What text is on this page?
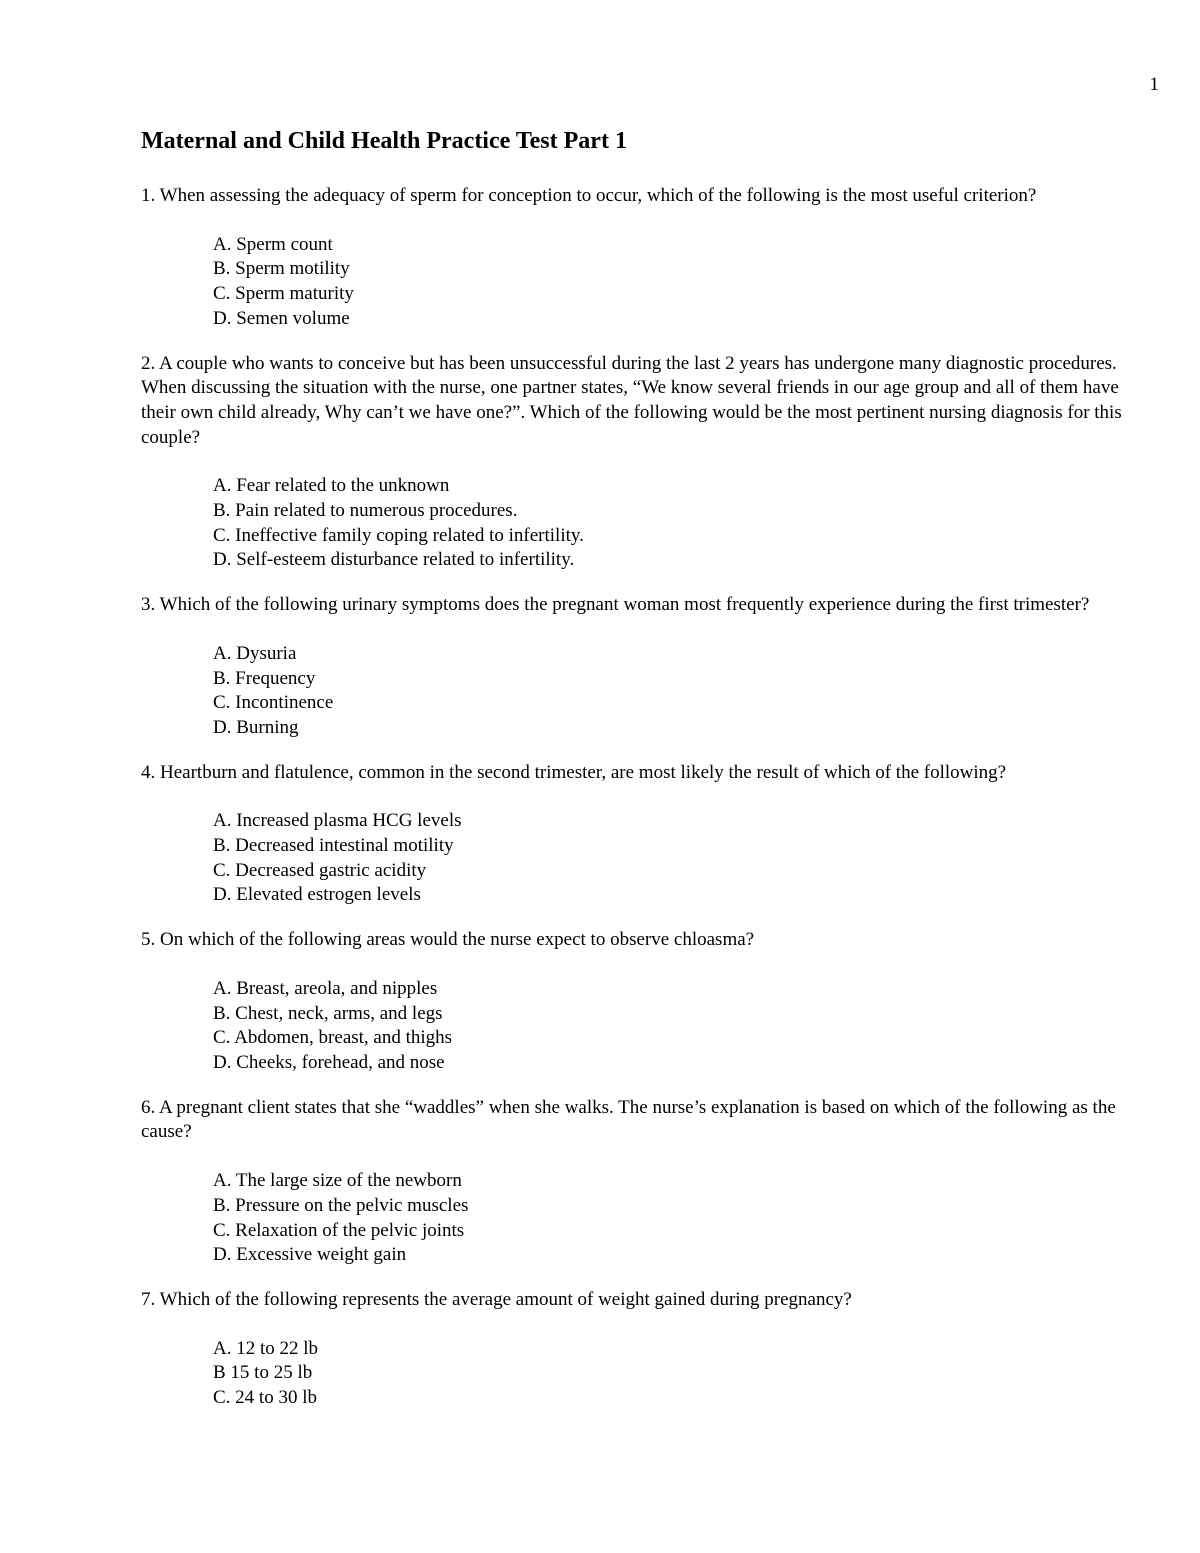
1
Maternal and Child Health Practice Test Part 1

1. When assessing the adequacy of sperm for conception to occur, which of the following is the most useful criterion?

A. Sperm count
B. Sperm motility
C. Sperm maturity
D. Semen volume

2. A couple who wants to conceive but has been unsuccessful during the last 2 years has undergone many diagnostic procedures. When discussing the situation with the nurse, one partner states, “We know several friends in our age group and all of them have their own child already, Why can’t we have one?”. Which of the following would be the most pertinent nursing diagnosis for this couple?

A. Fear related to the unknown
B. Pain related to numerous procedures.
C. Ineffective family coping related to infertility.
D. Self-esteem disturbance related to infertility.

3. Which of the following urinary symptoms does the pregnant woman most frequently experience during the first trimester?

A. Dysuria
B. Frequency
C. Incontinence
D. Burning

4. Heartburn and flatulence, common in the second trimester, are most likely the result of which of the following?

A. Increased plasma HCG levels
B. Decreased intestinal motility
C. Decreased gastric acidity
D. Elevated estrogen levels

5. On which of the following areas would the nurse expect to observe chloasma?

A. Breast, areola, and nipples
B. Chest, neck, arms, and legs
C. Abdomen, breast, and thighs
D. Cheeks, forehead, and nose

6. A pregnant client states that she “waddles” when she walks. The nurse’s explanation is based on which of the following as the cause?

A. The large size of the newborn
B. Pressure on the pelvic muscles
C. Relaxation of the pelvic joints
D. Excessive weight gain

7. Which of the following represents the average amount of weight gained during pregnancy?

A. 12 to 22 lb
B 15 to 25 lb
C. 24 to 30 lb
